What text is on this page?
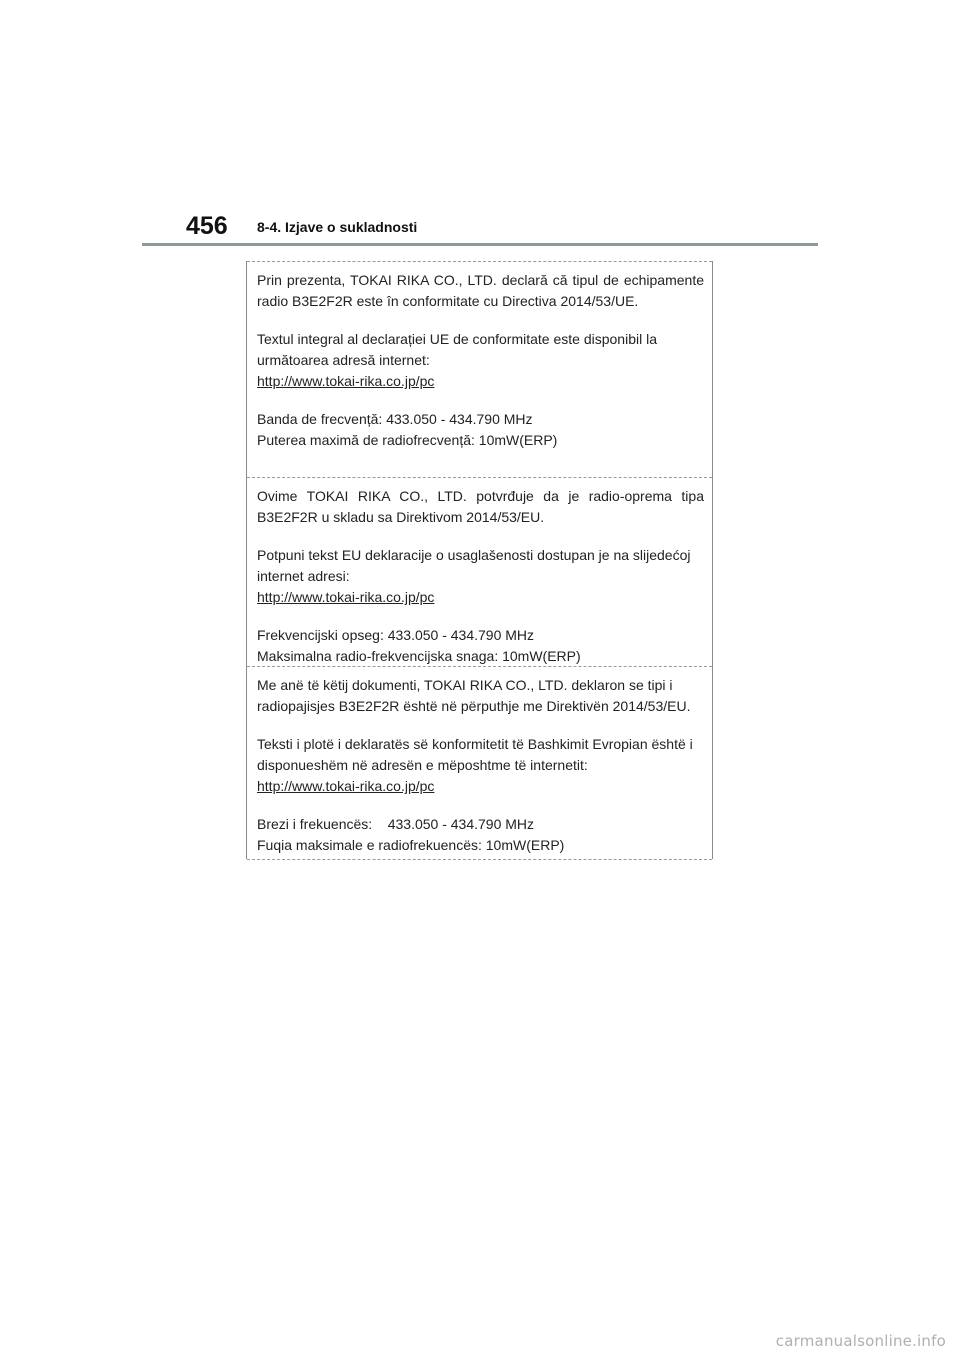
456 8-4. Izjave o sukladnosti

Prin prezenta, TOKAI RIKA CO., LTD. declară că tipul de echipamente radio B3E2F2R este în conformitate cu Directiva 2014/53/UE.

Textul integral al declarației UE de conformitate este disponibil la următoarea adresă internet:
http://www.tokai-rika.co.jp/pc

Banda de frecvență: 433.050 - 434.790 MHz
Puterea maximă de radiofrecvență: 10mW(ERP)

Ovime TOKAI RIKA CO., LTD. potvrđuje da je radio-oprema tipa B3E2F2R u skladu sa Direktivom 2014/53/EU.

Potpuni tekst EU deklaracije o usaglašenosti dostupan je na slijedećoj internet adresi:
http://www.tokai-rika.co.jp/pc

Frekvencijski opseg: 433.050 - 434.790 MHz
Maksimalna radio-frekvencijska snaga: 10mW(ERP)

Me anë të këtij dokumenti, TOKAI RIKA CO., LTD. deklaron se tipi i radiopajisjes B3E2F2R është në përputhje me Direktivën 2014/53/EU.

Teksti i plotë i deklaratës së konformitetit të Bashkimit Evropian është i disponueshëm në adresën e mëposhtme të internetit:
http://www.tokai-rika.co.jp/pc

Brezi i frekuencës:    433.050 - 434.790 MHz
Fuqia maksimale e radiofrekuencës: 10mW(ERP)

carmanualsonline.info
